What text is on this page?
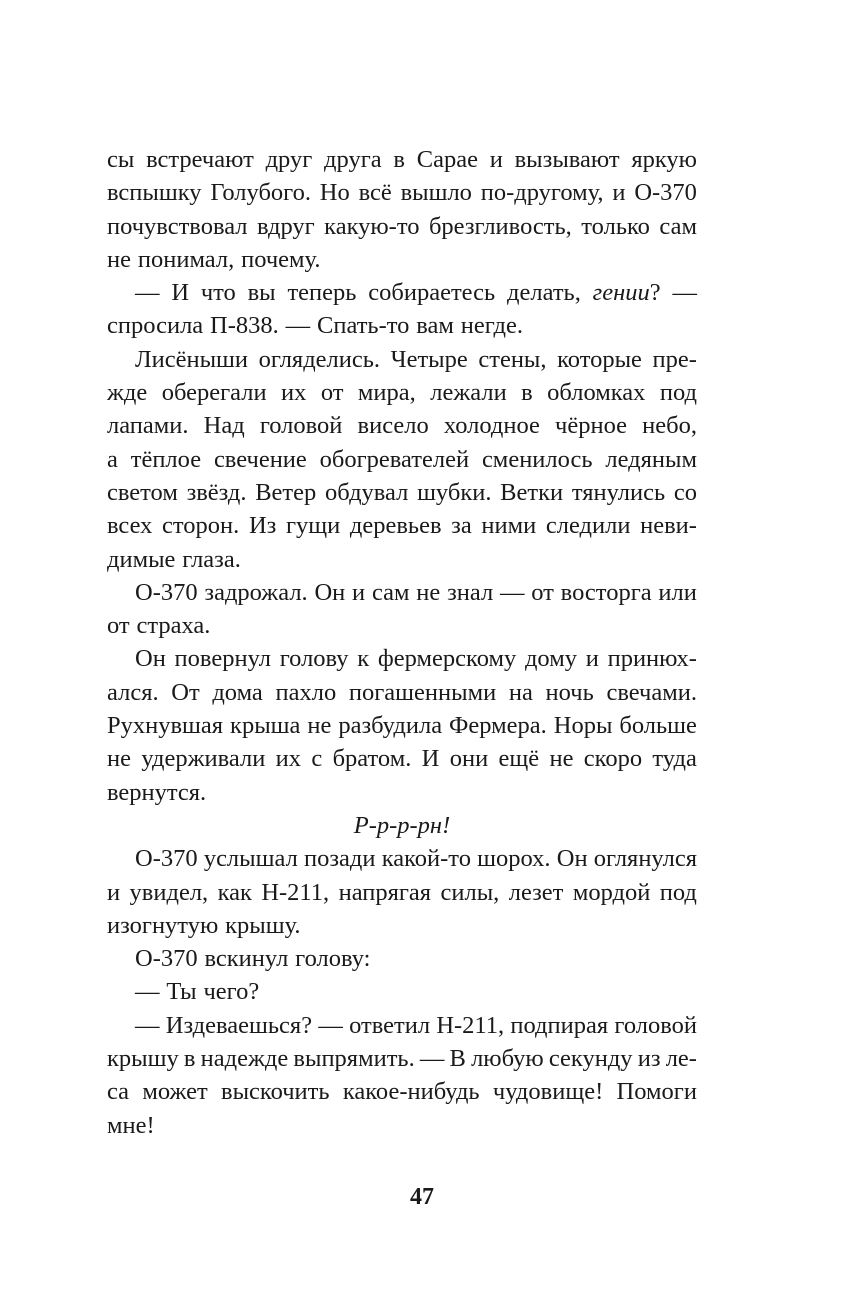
сы встречают друг друга в Сарае и вызывают яркую
вспышку Голубого. Но всё вышло по-другому, и О-370
почувствовал вдруг какую-то брезгливость, только сам
не понимал, почему.
— И что вы теперь собираетесь делать, гении? —
спросила П-838. — Спать-то вам негде.
Лисёныши огляделись. Четыре стены, которые пре-
жде оберегали их от мира, лежали в обломках под
лапами. Над головой висело холодное чёрное небо,
а тёплое свечение обогревателей сменилось ледяным
светом звёзд. Ветер обдувал шубки. Ветки тянулись со
всех сторон. Из гущи деревьев за ними следили неви-
димые глаза.
О-370 задрожал. Он и сам не знал — от восторга или
от страха.
Он повернул голову к фермерскому дому и принюх-
ался. От дома пахло погашенными на ночь свечами.
Рухнувшая крыша не разбудила Фермера. Норы больше
не удерживали их с братом. И они ещё не скоро туда
вернутся.
Р-р-р-рн!
О-370 услышал позади какой-то шорох. Он оглянулся
и увидел, как Н-211, напрягая силы, лезет мордой под
изогнутую крышу.
О-370 вскинул голову:
— Ты чего?
— Издеваешься? — ответил Н-211, подпирая головой
крышу в надежде выпрямить. — В любую секунду из ле-
са может выскочить какое-нибудь чудовище! Помоги
мне!
47
